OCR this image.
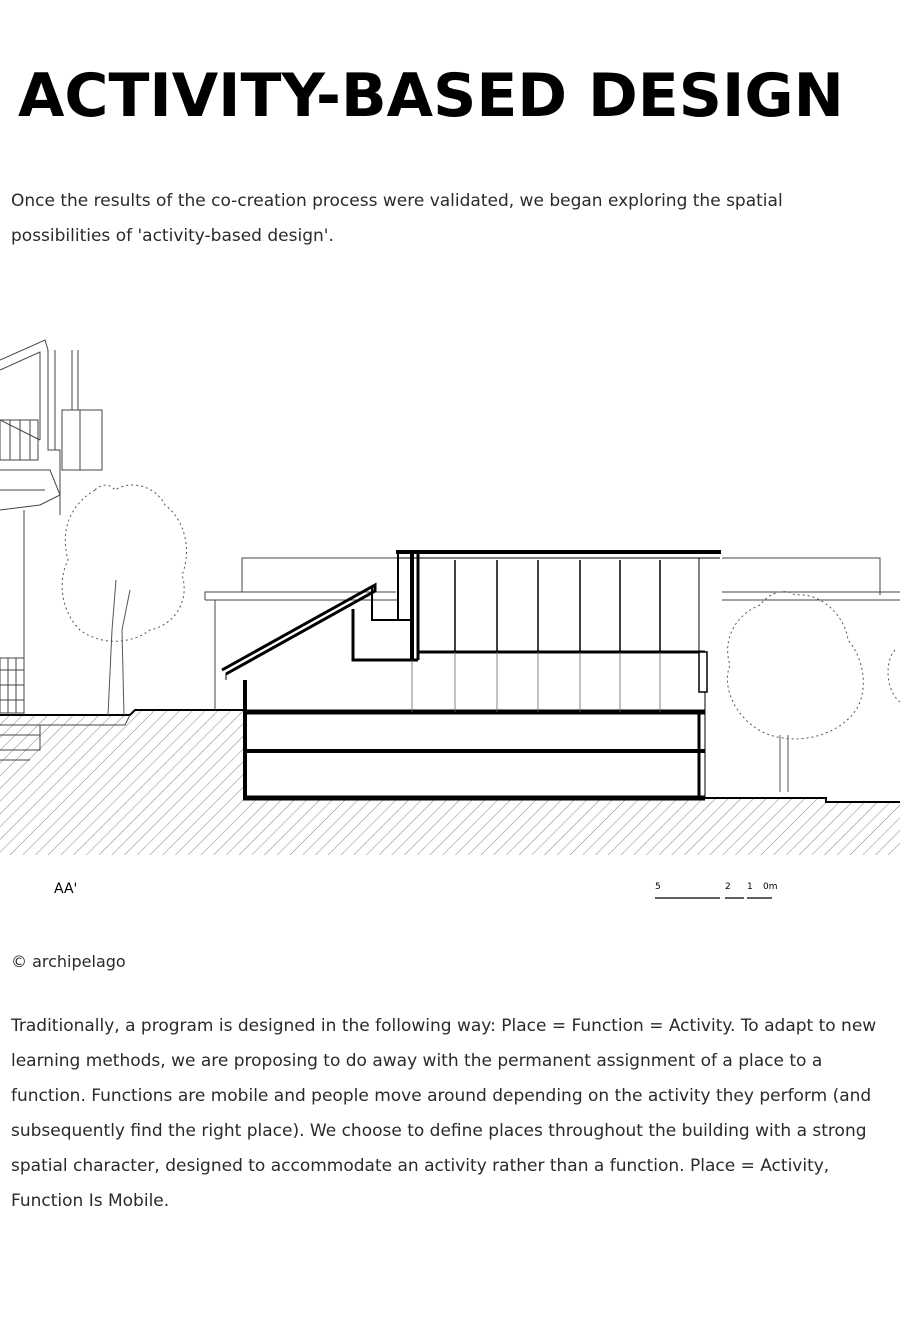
ACTIVITY-BASED DESIGN

Once the results of the co-creation process were validated, we began exploring the spatial possibilities of 'activity-based design'.

AA'	5	2 1 0m

© archipelago

Traditionally, a program is designed in the following way: Place = Function = Activity. To adapt to new learning methods, we are proposing to do away with the permanent assignment of a place to a function. Functions are mobile and people move around depending on the activity they perform (and subsequently find the right place). We choose to define places throughout the building with a strong spatial character, designed to accommodate an activity rather than a function. Place = Activity, Function Is Mobile.
